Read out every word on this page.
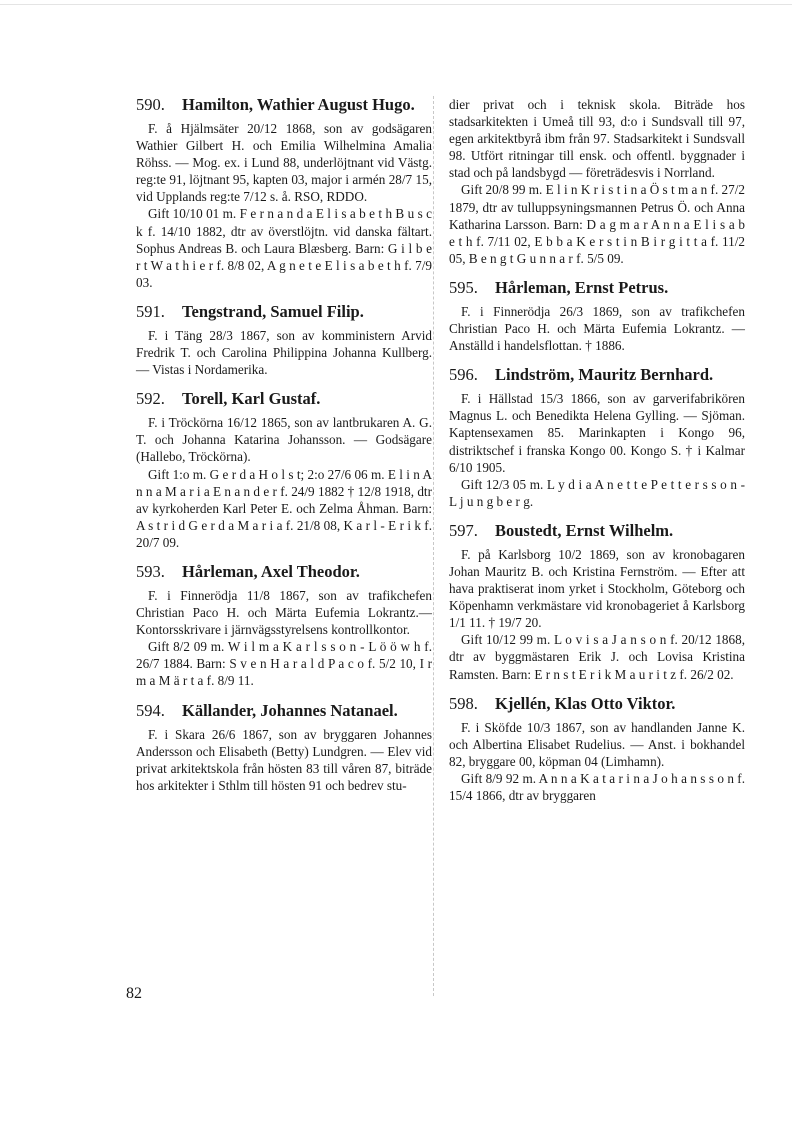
590.	Hamilton, Wathier August Hugo.

F. å Hjälmsäter 20/12 1868, son av godsägaren Wathier Gilbert H. och Emilia Wilhelmina Amalia Röhss. — Mog. ex. i Lund 88, underlöjtnant vid Västg. reg:te 91, löjtnant 95, kapten 03, major i armén 28/7 15, vid Upplands reg:te 7/12 s. å. RSO, RDDO.

Gift 10/10 01 m. F e r n a n d a E l i s a b e t h B u s c k f. 14/10 1882, dtr av överstlöjtn. vid danska fältart. Sophus Andreas B. och Laura Blæsberg. Barn: G i l b e r t W a t h i e r f. 8/8 02, A g n e t e E l i s a b e t h f. 7/9 03.

591.	Tengstrand, Samuel Filip.

F. i Täng 28/3 1867, son av komministern Arvid Fredrik T. och Carolina Philippina Johanna Kullberg. — Vistas i Nordamerika.

592.	Torell, Karl Gustaf.

F. i Tröckörna 16/12 1865, son av lantbrukaren A. G. T. och Johanna Katarina Johansson. — Godsägare (Hallebo, Tröckörna).

Gift 1:o m. G e r d a H o l s t; 2:o 27/6 06 m. E l i n A n n a M a r i a E n a n d e r f. 24/9 1882 † 12/8 1918, dtr av kyrkoherden Karl Peter E. och Zelma Åhman. Barn: A s t r i d G e r d a M a r i a f. 21/8 08, K a r l - E r i k f. 20/7 09.

593.	Hårleman, Axel Theodor.

F. i Finnerödja 11/8 1867, son av trafikchefen Christian Paco H. och Märta Eufemia Lokrantz.— Kontorsskrivare i järnvägsstyrelsens kontrollkontor.

Gift 8/2 09 m. W i l m a K a r l s s o n - L ö ö w h f. 26/7 1884. Barn: S v e n H a r a l d P a c o f. 5/2 10, I r m a M ä r t a f. 8/9 11.

594.	Källander, Johannes Natanael.

F. i Skara 26/6 1867, son av bryggaren Johannes Andersson och Elisabeth (Betty) Lundgren. — Elev vid privat arkitektskola från hösten 83 till våren 87, biträde hos arkitekter i Sthlm till hösten 91 och bedrev stu-

dier privat och i teknisk skola. Biträde hos stadsarkitekten i Umeå till 93, d:o i Sundsvall till 97, egen arkitektbyrå ibm från 97. Stadsarkitekt i Sundsvall 98. Utfört ritningar till ensk. och offentl. byggnader i stad och på landsbygd — företrädesvis i Norrland.

Gift 20/8 99 m. E l i n K r i s t i n a Ö s t m a n f. 27/2 1879, dtr av tulluppsyningsmannen Petrus Ö. och Anna Katharina Larsson. Barn: D a g m a r A n n a E l i s a b e t h f. 7/11 02, E b b a K e r s t i n B i r g i t t a f. 11/2 05, B e n g t G u n n a r f. 5/5 09.

595.	Hårleman, Ernst Petrus.

F. i Finnerödja 26/3 1869, son av trafikchefen Christian Paco H. och Märta Eufemia Lokrantz. — Anställd i handelsflottan. † 1886.

596.	Lindström, Mauritz Bernhard.

F. i Hällstad 15/3 1866, son av garverifabrikören Magnus L. och Benedikta Helena Gylling. — Sjöman. Kaptensexamen 85. Marinkapten i Kongo 96, distriktschef i franska Kongo 00. Kongo S. † i Kalmar 6/10 1905.

Gift 12/3 05 m. L y d i a A n e t t e P e t t e r s s o n - L j u n g b e r g.

597.	Boustedt, Ernst Wilhelm.

F. på Karlsborg 10/2 1869, son av kronobagaren Johan Mauritz B. och Kristina Fernström. — Efter att hava praktiserat inom yrket i Stockholm, Göteborg och Köpenhamn verkmästare vid kronobageriet å Karlsborg 1/1 11. † 19/7 20.

Gift 10/12 99 m. L o v i s a J a n s o n f. 20/12 1868, dtr av byggmästaren Erik J. och Lovisa Kristina Ramsten. Barn: E r n s t E r i k M a u r i t z f. 26/2 02.

598.	Kjellén, Klas Otto Viktor.

F. i Sköfde 10/3 1867, son av handlanden Janne K. och Albertina Elisabet Rudelius. — Anst. i bokhandel 82, bryggare 00, köpman 04 (Limhamn).

Gift 8/9 92 m. A n n a K a t a r i n a J o h a n s s o n f. 15/4 1866, dtr av bryggaren

82
